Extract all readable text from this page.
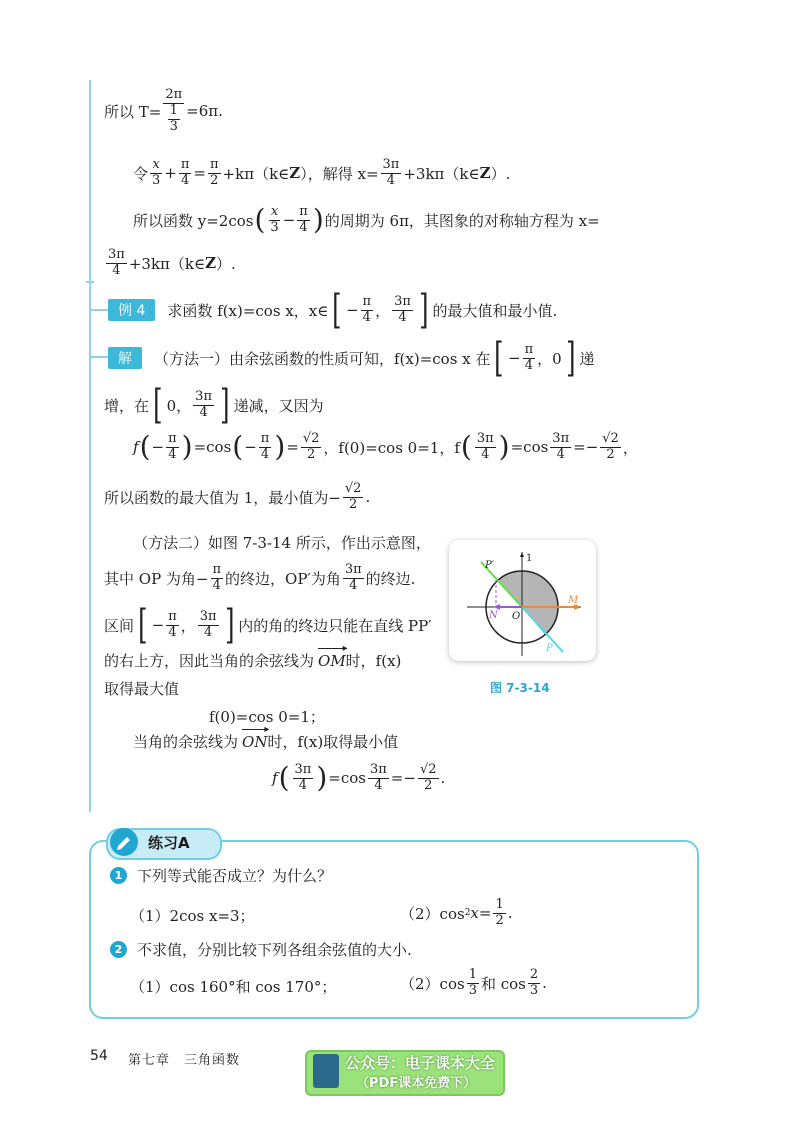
所以 $T= \frac{2\pi}{\frac{1}{3}} =6\pi$.
令 $\frac{x}{3} + \frac{\pi}{4} = \frac{\pi}{2}$ +kπ（k∈ Z ），解得 $x= \frac{3\pi}{4}$ +3kπ（k∈ Z ）.
所以函数 y=2cos ( $\frac{x}{3} - \frac{\pi}{4}$ ) 的周期为 6π，其图象的对称轴方程为 x=
$\frac{3\pi}{4}$ +3kπ（k∈ Z ）.
例 4	求函数 f(x)=cos x，x∈ [ − $\frac{\pi}{4}$ ， $\frac{3\pi}{4}$ ] 的最大值和最小值.
解	（方法一）由余弦函数的性质可知，f(x)=cos x 在 [ − $\frac{\pi}{4}$ ，0 ] 递
增，在 [ 0， $\frac{3\pi}{4}$ ] 递减，又因为
f ( − $\frac{\pi}{4}$ ) =cos ( − $\frac{\pi}{4}$ ) = $\frac{√2}{2}$ ，f(0)=cos 0=1，f ( $\frac{3\pi}{4}$ ) $=\cos \frac{3\pi}{4} =- \frac{√2}{2}$ ，
所以函数的最大值为 1，最小值为− $\frac{√2}{2}$ .
（方法二）如图 7-3-14 所示，作出示意图，
其中 OP 为角− $\frac{\pi}{4}$ 的终边，OP′为角 $\frac{3\pi}{4}$ 的终边.
区间 [ − $\frac{\pi}{4}$ ， $\frac{3\pi}{4}$ ] 内的角的终边只能在直线 PP′
的右上方，因此当角的余弦线为
▸
OM 时，f(x)
取得最大值
f(0)=cos 0=1；
当角的余弦线为
▸
ON 时，f(x)取得最小值
f ( $\frac{3\pi}{4}$ ) $=\cos \frac{3\pi}{4} =- \frac{√2}{2}$ .
P′
1
M
N O
P
图 7-3-14
练习A
1 下列等式能否成立？为什么？
（1）2cos x=3；	（2）cos 2 $x= \frac{1}{2}$ .
2 不求值，分别比较下列各组余弦值的大小.
（1）cos 160°和 cos 170°；	$(2)\cos \frac{1}{3}$ 和 $\cos \frac{2}{3}$ .
54 第七章　三角函数	公众号：电子课本大全
（PDF课本免费下）
